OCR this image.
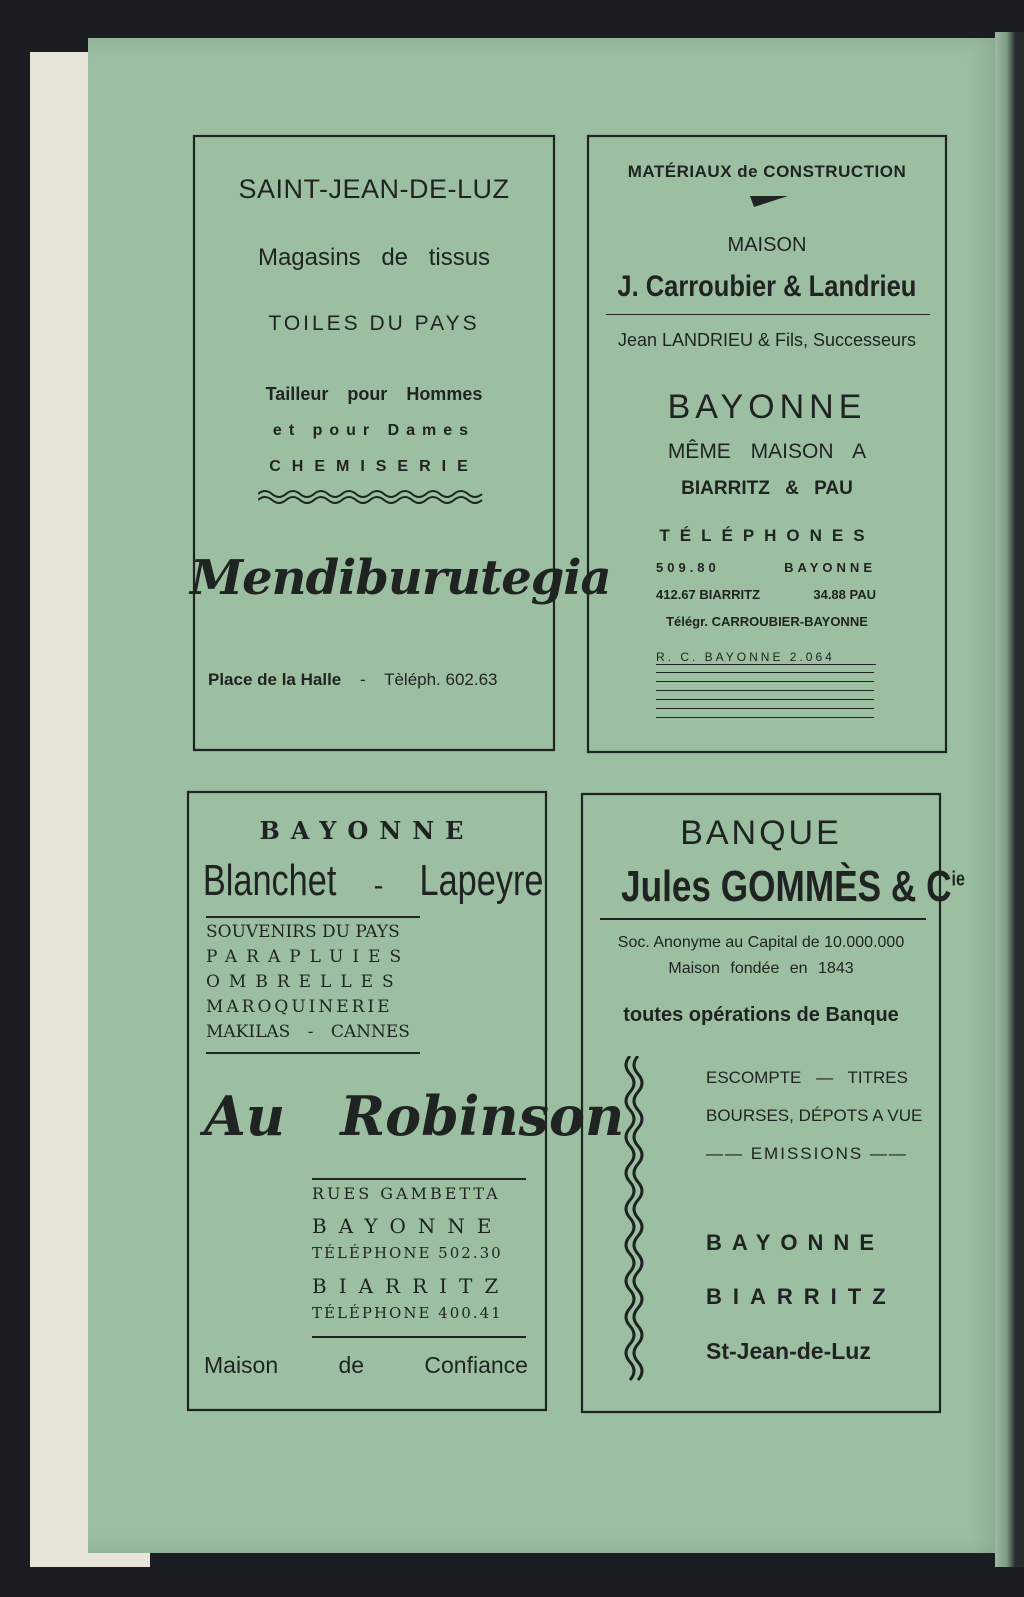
SAINT-JEAN-DE-LUZ
Magasins de tissus
TOILES DU PAYS
Tailleur pour Hommes
et pour Dames
CHEMISERIE
Mendiburutegia
Place de la Halle - Tèléph. 602.63
MATÉRIAUX de CONSTRUCTION
MAISON
J. Carroubier & Landrieu
Jean LANDRIEU & Fils, Successeurs
BAYONNE
MÊME MAISON A
BIARRITZ & PAU
TÉLÉPHONES
509.80	BAYONNE
412.67 BIARRITZ	34.88 PAU
Télégr. CARROUBIER-BAYONNE
R. C. BAYONNE 2.064
BAYONNE
Blanchet - Lapeyre
SOUVENIRS DU PAYS
PARAPLUIES
OMBRELLES
MAROQUINERIE
MAKILAS - CANNES
Au Robinson
RUES GAMBETTA
BAYONNE
TÉLÉPHONE 502.30
BIARRITZ
TÉLÉPHONE 400.41
Maison	de	Confiance
BANQUE
Jules GOMMÈS & $C^{ie}$
Soc. Anonyme au Capital de 10.000.000
Maison fondée en 1843
toutes opérations de Banque
ESCOMPTE — TITRES
BOURSES, DÉPOTS A VUE
—— EMISSIONS ——
BAYONNE
BIARRITZ
St-Jean-de-Luz
